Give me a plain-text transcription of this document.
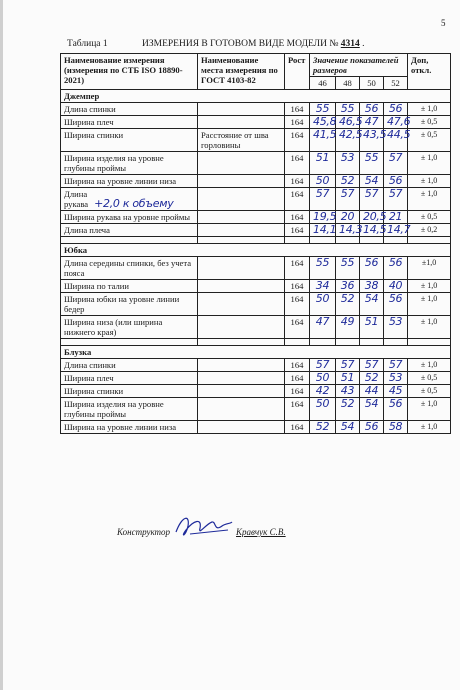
5
Таблица 1	ИЗМЕРЕНИЯ В ГОТОВОМ ВИДЕ МОДЕЛИ № 4314 .
Наименование измерения (измерения по СТБ ISO 18890-2021)	Наименование места измерения по ГОСТ 4103-82	Рост	Значение показателей размеров				Доп, откл.
			46	48	50	52	
Джемпер							
Длина спинки		164	55	55	56	56	± 1,0
Ширина плеч		164	45,8	46,5	47	47,6	± 0,5
Ширина спинки	Расстояние от шва горловины	164	41,5	42,5	43,5	44,5	± 0,5
Ширина изделия на уровне глубины проймы		164	51	53	55	57	± 1,0
Ширина на уровне линии низа		164	50	52	54	56	± 1,0
Длина рукава +2,0 к объему		164	57	57	57	57	± 1,0
Ширина рукава на уровне проймы		164	19,5	20	20,5	21	± 0,5
Длина плеча		164	14,1	14,3	14,5	14,7	± 0,2

Юбка							
Длина середины спинки, без учета пояса		164	55	55	56	56	±1,0
Ширина по талии		164	34	36	38	40	± 1,0
Ширина юбки на уровне линии бедер		164	50	52	54	56	± 1,0
Ширина низа (или ширина нижнего края)		164	47	49	51	53	± 1,0

Блузка							
Длина спинки		164	57	57	57	57	± 1,0
Ширина плеч		164	50	51	52	53	± 0,5
Ширина спинки		164	42	43	44	45	± 0,5
Ширина изделия на уровне глубины проймы		164	50	52	54	56	± 1,0
Ширина на уровне линии низа		164	52	54	56	58	± 1,0
Конструктор	Кравчук С.В.
